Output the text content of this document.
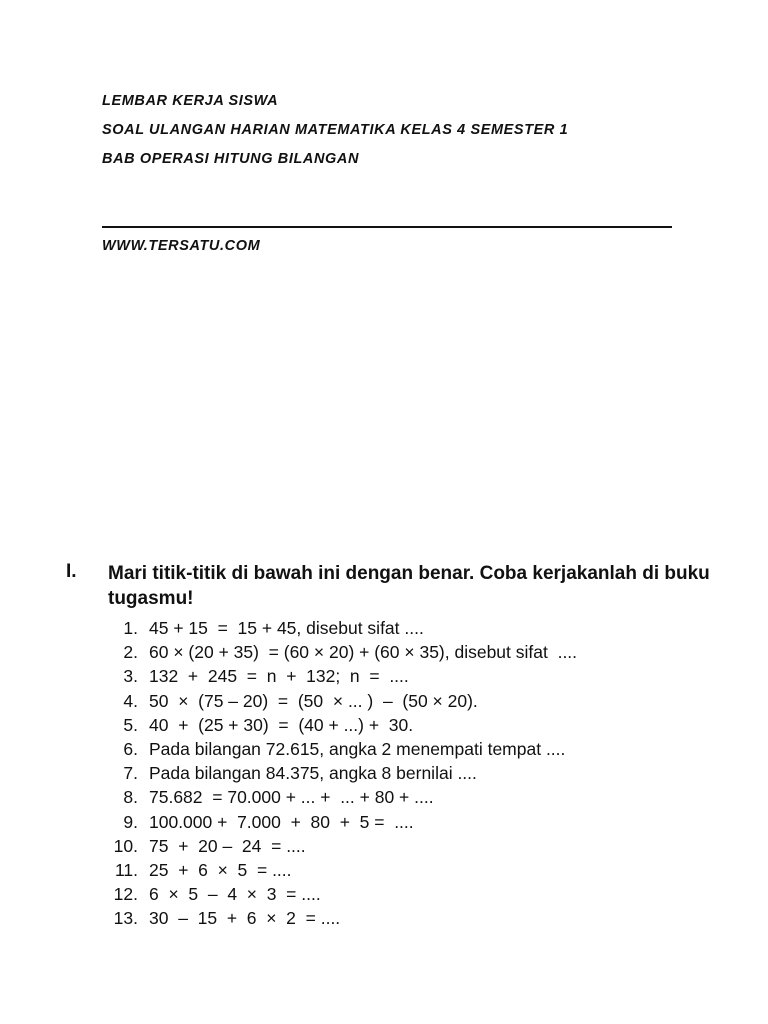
LEMBAR KERJA SISWA
SOAL ULANGAN HARIAN MATEMATIKA KELAS 4 SEMESTER 1
BAB OPERASI HITUNG BILANGAN
WWW.TERSATU.COM
I. Mari titik-titik di bawah ini dengan benar. Coba kerjakanlah di buku tugasmu!
1. 45 + 15  =  15 + 45, disebut sifat ....
2. 60 × (20 + 35)  = (60 × 20) + (60 × 35), disebut sifat  ....
3. 132  +  245  =  n  +  132;  n  =  ....
4. 50  ×  (75 – 20)  =  (50  × ... )  –  (50 × 20).
5. 40  +  (25 + 30)  =  (40 + ...) +  30.
6. Pada bilangan 72.615, angka 2 menempati tempat ....
7. Pada bilangan 84.375, angka 8 bernilai ....
8. 75.682  = 70.000 + ... +  ... + 80 + ....
9. 100.000 +  7.000  +  80  +  5 =  ....
10. 75  +  20 –  24  = ....
11. 25  +  6  ×  5  = ....
12. 6  ×  5  –  4  ×  3  = ....
13. 30  –  15  +  6  ×  2  = ....
